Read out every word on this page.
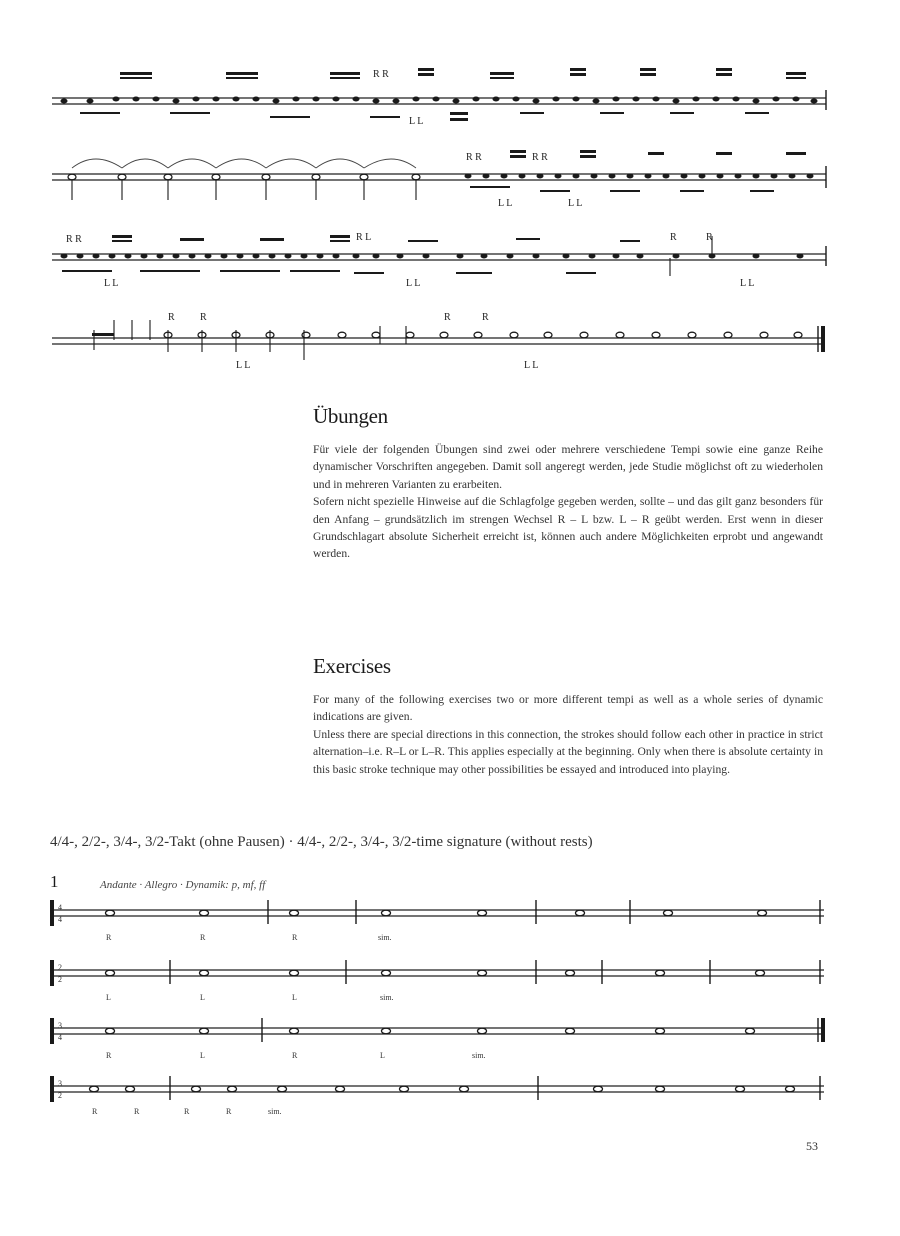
R R
L L
R R	R R
L L	L L
R R
L L
R L
L L
R	R
L L
R	R
L L
R	R
L L
Übungen

Für viele der folgenden Übungen sind zwei oder mehrere verschiedene Tempi sowie eine ganze Reihe dynamischer Vorschriften angegeben. Damit soll angeregt werden, jede Studie möglichst oft zu wiederholen und in mehreren Varianten zu erarbeiten.

Sofern nicht spezielle Hinweise auf die Schlagfolge gegeben werden, sollte – und das gilt ganz besonders für den Anfang – grundsätzlich im strengen Wechsel R – L bzw. L – R geübt werden. Erst wenn in dieser Grundschlagart absolute Sicherheit erreicht ist, können auch andere Möglichkeiten erprobt und angewandt werden.

Exercises

For many of the following exercises two or more different tempi as well as a whole series of dynamic indications are given.

Unless there are special directions in this connection, the strokes should follow each other in practice in strict alternation–i.e. R–L or L–R. This applies especially at the beginning. Only when there is absolute certainty in this basic stroke technique may other possibilities be essayed and introduced into playing.

4/4-, 2/2-, 3/4-, 3/2-Takt (ohne Pausen) · 4/4-, 2/2-, 3/4-, 3/2-time signature (without rests)
1	Andante · Allegro · Dynamik: p, mf, ff
4
4
R	R	R	sim.
2
2
L	L	L	sim.
3
4
R	L	R	L	sim.
3
2
R	R	R	R	sim.
53
